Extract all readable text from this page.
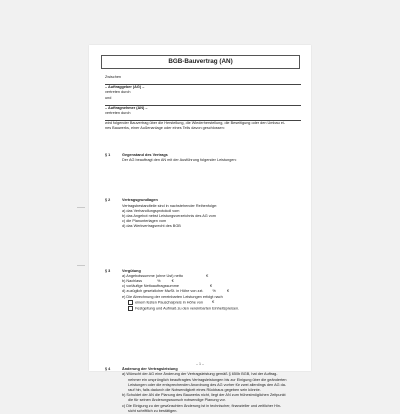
BGB-Bauvertrag (AN)
Zwischen
– Auftraggeber (AG) –
vertreten durch
und
– Auftragnehmer (AN) –
vertreten durch
wird folgender Bauvertrag über die Herstellung, die Wiederherstellung, die Beseitigung oder den Umbau ei-
nes Bauwerks, einer Außenanlage oder eines Teils davon geschlossen:
§ 1	Gegenstand des Vertrags
Der AG beauftragt den AN mit der Ausführung folgender Leistungen:
§ 2	Vertragsgrundlagen
Vertragsbestandteile sind in nachstehender Reihenfolge:
a) das Verhandlungsprotokoll vom
b) das Angebot nebst Leistungsverzeichnis des AG vom
c) die Planunterlagen vom
d) das Werkvertragsrecht des BGB
§ 3	Vergütung
a) Angebotssumme (ohne Ust) netto	€
b) Nachlass	%	€
c) vorläufige Nettoauftragssumme	€
d) zuzüglich gesetzlicher MwSt. in Höhe von zzt. %	€
e) Die Abrechnung der vereinbarten Leistungen erfolgt nach
einem festen Pauschalpreis in Höhe von €
Festgeltung und Aufmaß zu den vereinbarten Einheitspreisen.
§ 4	Änderung der Vertragsleistung
a) Wünscht der AG eine Änderung der Vertragsleistung gemäß § 650b BGB, hat der Auftrag-
nehmer ein ursprünglich beauftragtes Vertragsleistungen bis zur Einigung über die geänderten
Leistungen oder die entsprechenden Anordnung des AG vorher für zwei allerdings den AG da-
rauf hin, falls dadurch die Notwendigkeit eines Rückbaus gegeben sein könnte.
b) Schuldet der AN die Planung des Bauwerks nicht, liegt der AN zum frühestmöglichen Zeitpunkt
die für seinen Änderungswunsch notwendige Planung vor.
c) Die Einigung zu der gewünschten Änderung ist in technischer, finanzieller und zeitlicher Hin-
sicht schriftlich zu bestätigen.
– 1 –
